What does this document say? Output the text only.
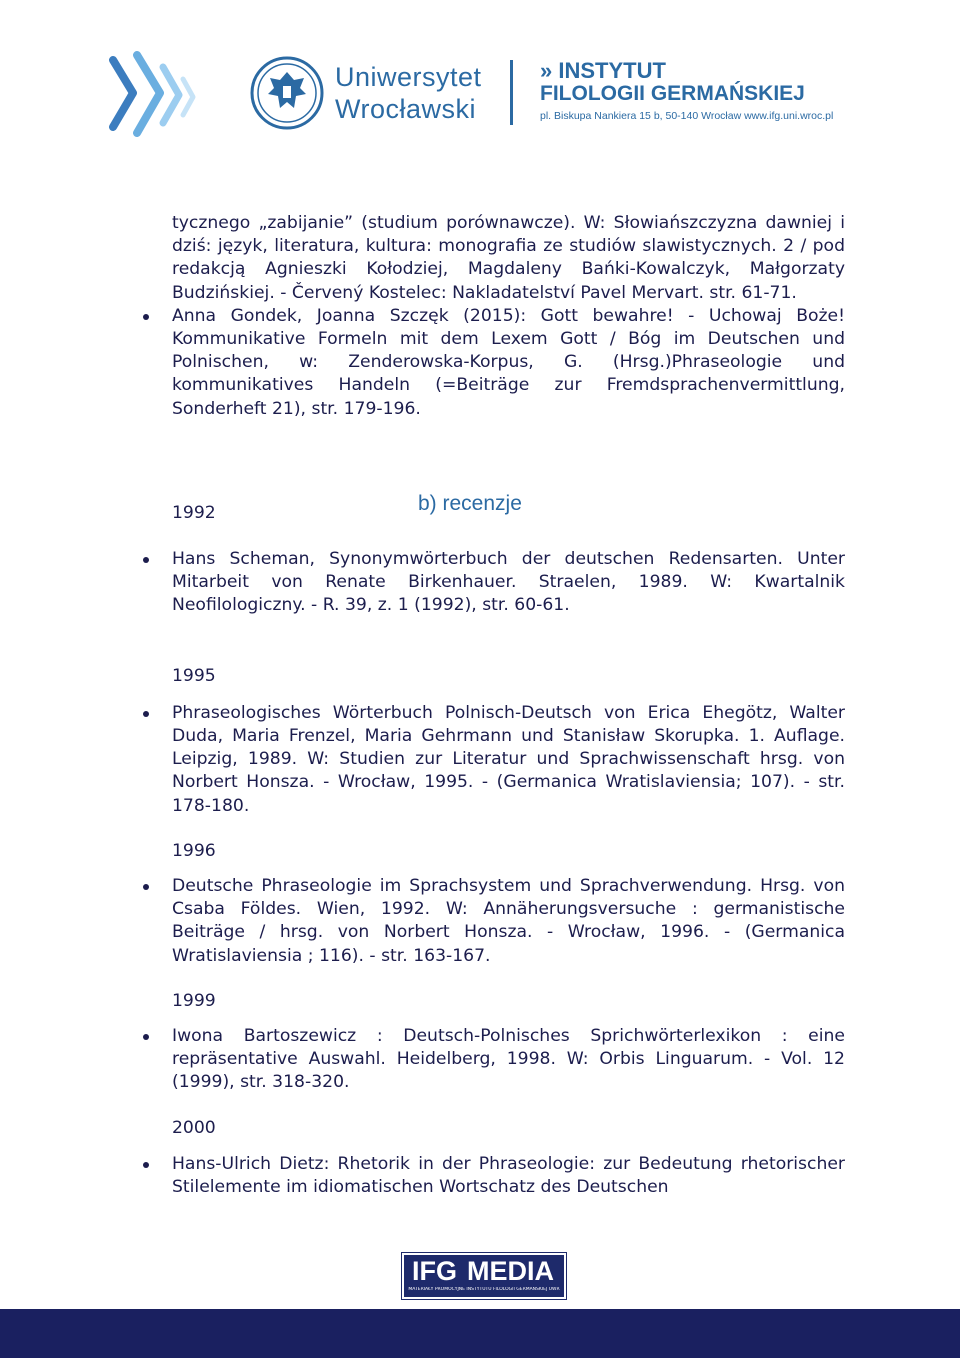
Uniwersytet
Wrocławski
» INSTYTUT
FILOLOGII GERMAŃSKIEJ
pl. Biskupa Nankiera 15 b, 50-140 Wrocław www.ifg.uni.wroc.pl

tycznego „zabijanie” (studium porównawcze). W: Słowiańszczyzna dawniej i dziś: język, literatura, kultura: monografia ze studiów slawistycznych. 2 / pod redakcją Agnieszki Kołodziej, Magdaleny Bańki-Kowalczyk, Małgorzaty Budzińskiej. - Červený Kostelec: Nakladatelství Pavel Mervart. str. 61-71.

Anna Gondek, Joanna Szczęk (2015): Gott bewahre! - Uchowaj Boże! Kommunikative Formeln mit dem Lexem Gott / Bóg im Deutschen und Polnischen, w: Zenderowska-Korpus, G. (Hrsg.)Phraseologie und kommunikatives Handeln (=Beiträge zur Fremdsprachenvermittlung, Sonderheft 21), str. 179-196.

1992

Hans Scheman, Synonymwörterbuch der deutschen Redensarten. Unter Mitarbeit von Renate Birkenhauer. Straelen, 1989. W: Kwartalnik Neofilologiczny. - R. 39, z. 1 (1992), str. 60-61.

1995

Phraseologisches Wörterbuch Polnisch-Deutsch von Erica Ehegötz, Walter Duda, Maria Frenzel, Maria Gehrmann und Stanisław Skorupka. 1. Auflage. Leipzig, 1989. W: Studien zur Literatur und Sprachwissenschaft hrsg. von Norbert Honsza. - Wrocław, 1995. - (Germanica Wratislaviensia; 107). - str. 178-180.

1996

Deutsche Phraseologie im Sprachsystem und Sprachverwendung. Hrsg. von Csaba Földes. Wien, 1992. W: Annäherungsversuche : germanistische Beiträge / hrsg. von Norbert Honsza. - Wrocław, 1996. - (Germanica Wratislaviensia ; 116). - str. 163-167.

1999

Iwona Bartoszewicz : Deutsch-Polnisches Sprichwörterlexikon : eine repräsentative Auswahl. Heidelberg, 1998. W: Orbis Linguarum. - Vol. 12 (1999), str. 318-320.

2000

Hans-Ulrich Dietz: Rhetorik in der Phraseologie: zur Bedeutung rhetorischer Stilelemente im idiomatischen Wortschatz des Deutschen
b) recenzje
IFG MEDIA
MATERIAŁY PROMOCYJNE INSTYTUTU FILOLOGII GERMAŃSKIEJ UWR
